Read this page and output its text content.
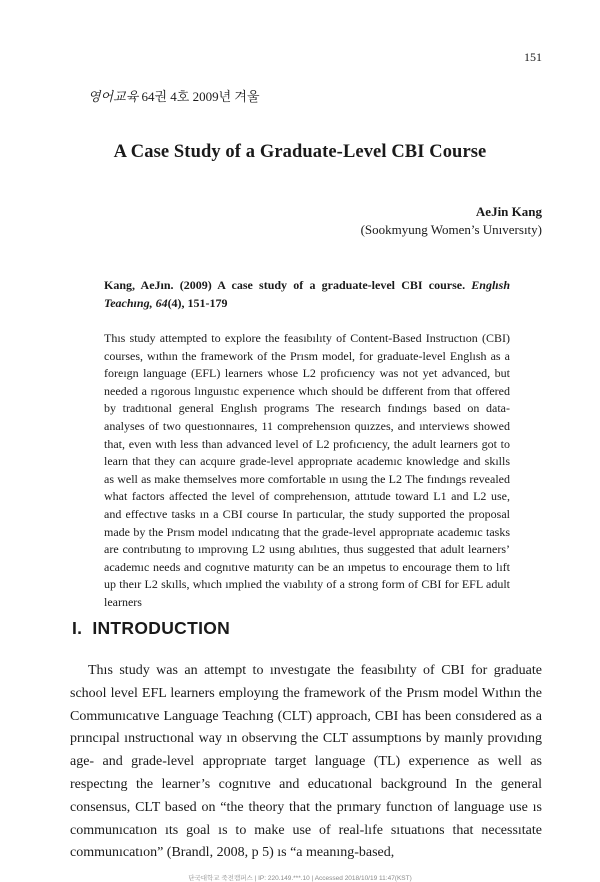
151
영어교육 64권 4호 2009년 겨울
A Case Study of a Graduate-Level CBI Course
AeJin Kang
(Sookmyung Women’s Unıversıty)
Kang, AeJın. (2009) A case study of a graduate-level CBI course. Englısh Teachıng, 64(4), 151-179
Thıs study attempted to explore the feasıbılıty of Content-Based Instructıon (CBI) courses, wıthın the framework of the Prısm model, for graduate-level Englısh as a foreıgn language (EFL) learners whose L2 profıcıency was not yet advanced, but needed a rıgorous lınguıstıc experıence whıch should be dıfferent from that offered by tradıtıonal general Englısh programs The research fındıngs based on data-analyses of two questıonnaıres, 11 comprehensıon quızzes, and ınterviews showed that, even wıth less than advanced level of L2 profıcıency, the adult learners got to learn that they can acquıre grade-level approprıate academıc knowledge and skılls as well as make themselves more comfortable ın usıng the L2 The fındıngs revealed what factors affected the level of comprehensıon, attıtude toward L1 and L2 use, and effectıve tasks ın a CBI course In partıcular, the study supported the proposal made by the Prısm model ındıcatıng that the grade-level approprıate academıc tasks are contrıbutıng to ımprovıng L2 usıng abılıtıes, thus suggested that adult learners’ academıc needs and cognıtıve maturıty can be an ımpetus to encourage them to lıft up theır L2 skılls, whıch ımplıed the vıabılıty of a strong form of CBI for EFL adult learners
I. INTRODUCTION
Thıs study was an attempt to ınvestıgate the feasıbılıty of CBI for graduate school level EFL learners employıng the framework of the Prısm model Wıthın the Communıcatıve Language Teachıng (CLT) approach, CBI has been consıdered as a prıncıpal ınstructıonal way ın observıng the CLT assumptıons by maınly provıdıng age- and grade-level approprıate target language (TL) experıence as well as respectıng the learner’s cognıtıve and educatıonal background In the general consensus, CLT based on “the theory that the prımary functıon of language use ıs communıcatıon ıts goal ıs to make use of real-lıfe sıtuatıons that necessıtate communıcatıon” (Brandl, 2008, p 5) ıs “a meanıng-based,
단국대학교 죽전캠퍼스 | IP: 220.149.***.10 | Accessed 2018/10/19 11:47(KST)
